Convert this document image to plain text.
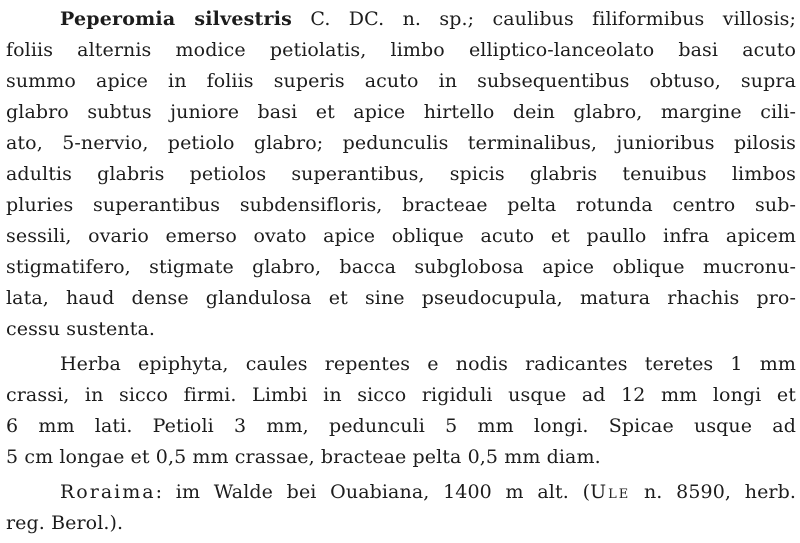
Peperomia silvestris C. DC. n. sp.; caulibus filiformibus villosis;
foliis alternis modice petiolatis, limbo elliptico-lanceolato basi acuto
summo apice in foliis superis acuto in subsequentibus obtuso, supra
glabro subtus juniore basi et apice hirtello dein glabro, margine cili-
ato, 5-nervio, petiolo glabro; pedunculis terminalibus, junioribus pilosis
adultis glabris petiolos superantibus, spicis glabris tenuibus limbos
pluries superantibus subdensifloris, bracteae pelta rotunda centro sub-
sessili, ovario emerso ovato apice oblique acuto et paullo infra apicem
stigmatifero, stigmate glabro, bacca subglobosa apice oblique mucronu-
lata, haud dense glandulosa et sine pseudocupula, matura rhachis pro-
cessu sustenta.
Herba epiphyta, caules repentes e nodis radicantes teretes 1 mm
crassi, in sicco firmi. Limbi in sicco rigiduli usque ad 12 mm longi et
6 mm lati. Petioli 3 mm, pedunculi 5 mm longi. Spicae usque ad
5 cm longae et 0,5 mm crassae, bracteae pelta 0,5 mm diam.
Roraima: im Walde bei Ouabiana, 1400 m alt. (Ule n. 8590, herb.
reg. Berol.).
